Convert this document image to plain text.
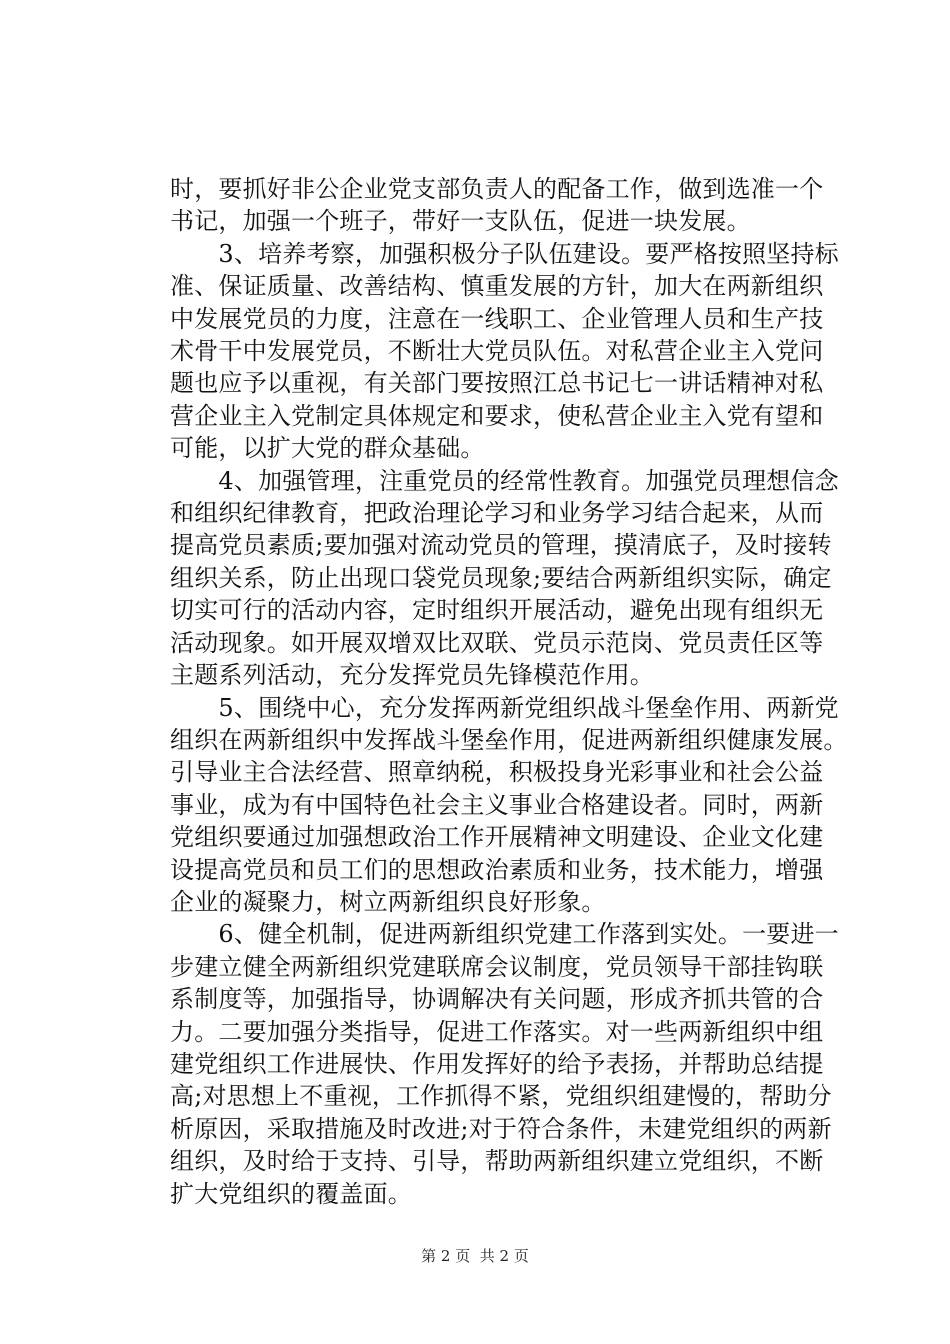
时，要抓好非公企业党支部负责人的配备工作，做到选准一个
书记，加强一个班子，带好一支队伍，促进一块发展。
　　3、培养考察，加强积极分子队伍建设。要严格按照坚持标
准、保证质量、改善结构、慎重发展的方针，加大在两新组织
中发展党员的力度，注意在一线职工、企业管理人员和生产技
术骨干中发展党员，不断壮大党员队伍。对私营企业主入党问
题也应予以重视，有关部门要按照江总书记七一讲话精神对私
营企业主入党制定具体规定和要求，使私营企业主入党有望和
可能，以扩大党的群众基础。
　　4、加强管理，注重党员的经常性教育。加强党员理想信念
和组织纪律教育，把政治理论学习和业务学习结合起来，从而
提高党员素质;要加强对流动党员的管理，摸清底子，及时接转
组织关系，防止出现口袋党员现象;要结合两新组织实际，确定
切实可行的活动内容，定时组织开展活动，避免出现有组织无
活动现象。如开展双增双比双联、党员示范岗、党员责任区等
主题系列活动，充分发挥党员先锋模范作用。
　　5、围绕中心，充分发挥两新党组织战斗堡垒作用、两新党
组织在两新组织中发挥战斗堡垒作用，促进两新组织健康发展。
引导业主合法经营、照章纳税，积极投身光彩事业和社会公益
事业，成为有中国特色社会主义事业合格建设者。同时，两新
党组织要通过加强想政治工作开展精神文明建设、企业文化建
设提高党员和员工们的思想政治素质和业务，技术能力，增强
企业的凝聚力，树立两新组织良好形象。
　　6、健全机制，促进两新组织党建工作落到实处。一要进一
步建立健全两新组织党建联席会议制度，党员领导干部挂钩联
系制度等，加强指导，协调解决有关问题，形成齐抓共管的合
力。二要加强分类指导，促进工作落实。对一些两新组织中组
建党组织工作进展快、作用发挥好的给予表扬，并帮助总结提
高;对思想上不重视，工作抓得不紧，党组织组建慢的，帮助分
析原因，采取措施及时改进;对于符合条件，未建党组织的两新
组织，及时给于支持、引导，帮助两新组织建立党组织，不断
扩大党组织的覆盖面。
第 2 页  共 2 页
